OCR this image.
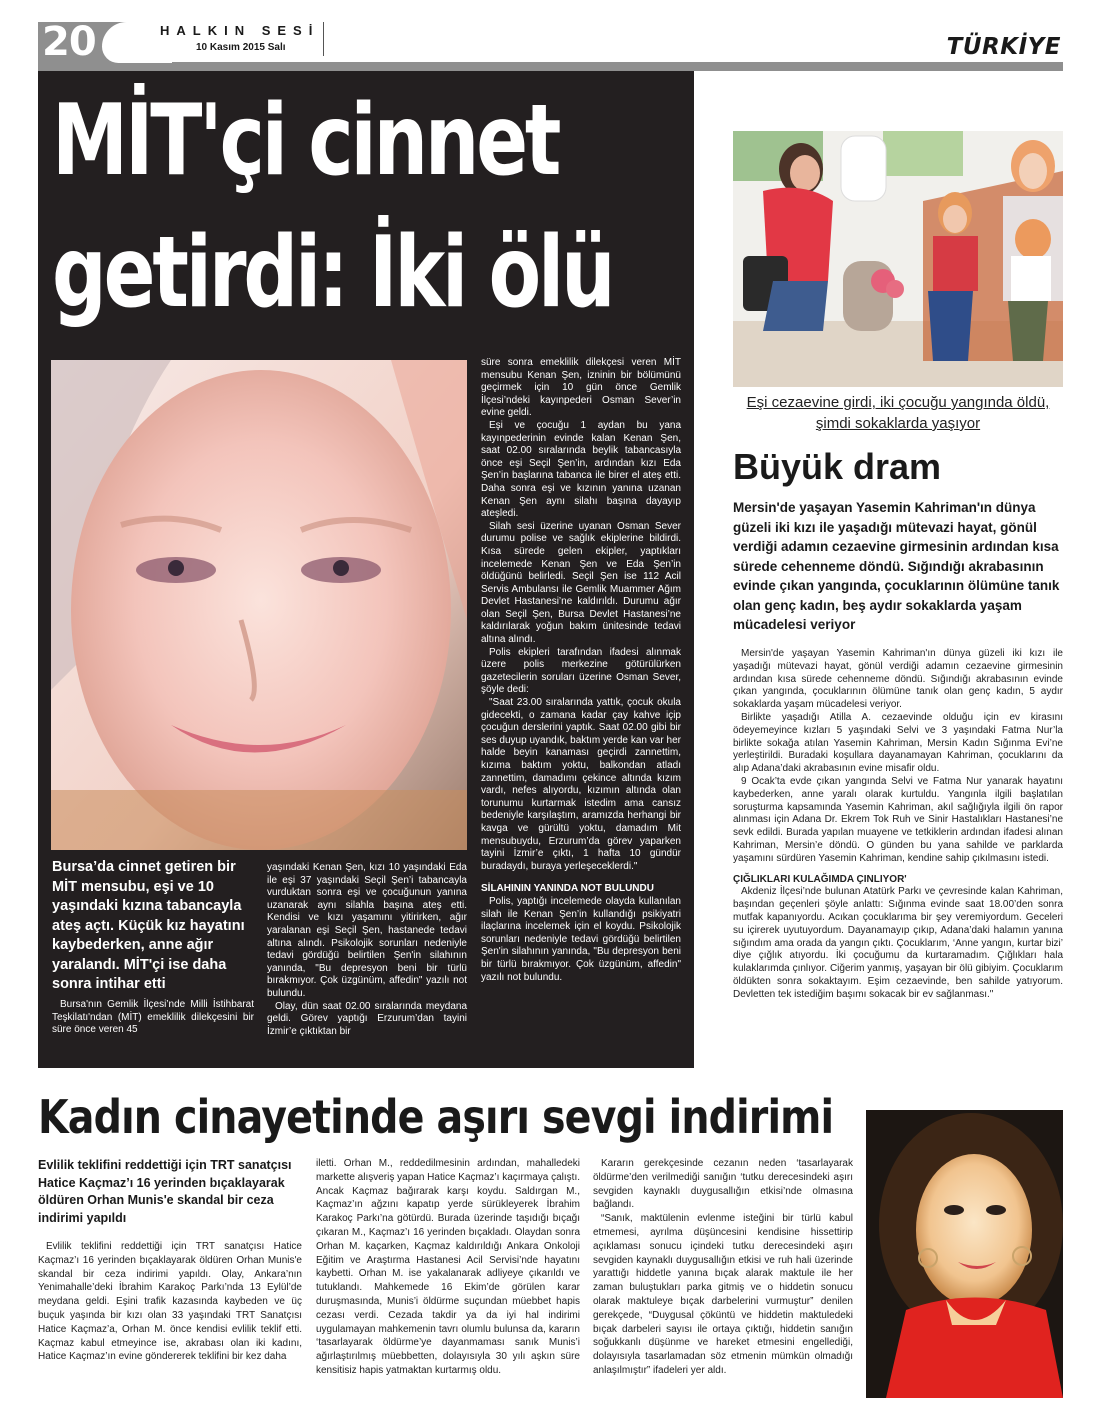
20	HALKIN SESİ
10 Kasım 2015 Salı	TÜRKİYE
MİT'çi cinnet
getirdi: İki ölü
Bursa’da cinnet getiren bir MİT mensubu, eşi ve 10 yaşındaki kızına tabancayla ateş açtı. Küçük kız hayatını kaybederken, anne ağır yaralandı. MİT'çi ise daha sonra intihar etti

Bursa'nın Gemlik İlçesi’nde Milli İstihbarat Teşkilatı'ndan (MİT) emeklilik dilekçesini bir süre önce veren 45

yaşındaki Kenan Şen, kızı 10 yaşındaki Eda ile eşi 37 yaşındaki Seçil Şen’i tabancayla vurduktan sonra eşi ve çocuğunun yanına uzanarak aynı silahla başına ateş etti. Kendisi ve kızı yaşamını yitirirken, ağır yaralanan eşi Seçil Şen, hastanede tedavi altına alındı. Psikolojik sorunları nedeniyle tedavi gördüğü belirtilen Şen'in silahının yanında, "Bu depresyon beni bir türlü bırakmıyor. Çok üzgünüm, affedin" yazılı not bulundu.

Olay, dün saat 02.00 sıralarında meydana geldi. Görev yaptığı Erzurum’dan tayini İzmir’e çıktıktan bir

süre sonra emeklilik dilekçesi veren MİT mensubu Kenan Şen, izninin bir bölümünü geçirmek için 10 gün önce Gemlik İlçesi’ndeki kayınpederi Osman Sever’in evine geldi.

Eşi ve çocuğu 1 aydan bu yana kayınpederinin evinde kalan Kenan Şen, saat 02.00 sıralarında beylik tabancasıyla önce eşi Seçil Şen’in, ardından kızı Eda Şen’in başlarına tabanca ile birer el ateş etti. Daha sonra eşi ve kızının yanına uzanan Kenan Şen aynı silahı başına dayayıp ateşledi.

Silah sesi üzerine uyanan Osman Sever durumu polise ve sağlık ekiplerine bildirdi. Kısa sürede gelen ekipler, yaptıkları incelemede Kenan Şen ve Eda Şen’in öldüğünü belirledi. Seçil Şen ise 112 Acil Servis Ambulansı ile Gemlik Muammer Ağım Devlet Hastanesi’ne kaldırıldı. Durumu ağır olan Seçil Şen, Bursa Devlet Hastanesi’ne kaldırılarak yoğun bakım ünitesinde tedavi altına alındı.

Polis ekipleri tarafından ifadesi alınmak üzere polis merkezine götürülürken gazetecilerin soruları üzerine Osman Sever, şöyle dedi:

"Saat 23.00 sıralarında yattık, çocuk okula gidecekti, o zamana kadar çay kahve içip çocuğun derslerini yaptık. Saat 02.00 gibi bir ses duyup uyandık, baktım yerde kan var her halde beyin kanaması geçirdi zannettim, kızıma baktım yoktu, balkondan atladı zannettim, damadımı çekince altında kızım vardı, nefes alıyordu, kızımın altında olan torunumu kurtarmak istedim ama cansız bedeniyle karşılaştım, aramızda herhangi bir kavga ve gürültü yoktu, damadım Mit mensubuydu, Erzurum’da görev yaparken tayini İzmir’e çıktı, 1 hafta 10 gündür buradaydı, buraya yerleşeceklerdi."

SİLAHININ YANINDA NOT BULUNDU

Polis, yaptığı incelemede olayda kullanılan silah ile Kenan Şen’in kullandığı psikiyatri ilaçlarına incelemek için el koydu. Psikolojik sorunları nedeniyle tedavi gördüğü belirtilen Şen'in silahının yanında, "Bu depresyon beni bir türlü bırakmıyor. Çok üzgünüm, affedin" yazılı not bulundu.

Eşi cezaevine girdi, iki çocuğu yangında öldü, şimdi sokaklarda yaşıyor
Büyük dram
Mersin'de yaşayan Yasemin Kahriman'ın dünya güzeli iki kızı ile yaşadığı mütevazi hayat, gönül verdiği adamın cezaevine girmesinin ardından kısa sürede cehenneme döndü. Sığındığı akrabasının evinde çıkan yangında, çocuklarının ölümüne tanık olan genç kadın, beş aydır sokaklarda yaşam mücadelesi veriyor

Mersin'de yaşayan Yasemin Kahriman'ın dünya güzeli iki kızı ile yaşadığı mütevazi hayat, gönül verdiği adamın cezaevine girmesinin ardından kısa sürede cehenneme döndü. Sığındığı akrabasının evinde çıkan yangında, çocuklarının ölümüne tanık olan genç kadın, 5 aydır sokaklarda yaşam mücadelesi veriyor.

Birlikte yaşadığı Atilla A. cezaevinde olduğu için ev kirasını ödeyemeyince kızları 5 yaşındaki Selvi ve 3 yaşındaki Fatma Nur’la birlikte sokağa atılan Yasemin Kahriman, Mersin Kadın Sığınma Evi’ne yerleştirildi. Buradaki koşullara dayanamayan Kahriman, çocuklarını da alıp Adana’daki akrabasının evine misafir oldu.

9 Ocak’ta evde çıkan yangında Selvi ve Fatma Nur yanarak hayatını kaybederken, anne yaralı olarak kurtuldu. Yangınla ilgili başlatılan soruşturma kapsamında Yasemin Kahriman, akıl sağlığıyla ilgili ön rapor alınması için Adana Dr. Ekrem Tok Ruh ve Sinir Hastalıkları Hastanesi’ne sevk edildi. Burada yapılan muayene ve tetkiklerin ardından ifadesi alınan Kahriman, Mersin’e döndü. O günden bu yana sahilde ve parklarda yaşamını sürdüren Yasemin Kahriman, kendine sahip çıkılmasını istedi.

ÇIĞLIKLARI KULAĞIMDA ÇINLIYOR'

Akdeniz İlçesi’nde bulunan Atatürk Parkı ve çevresinde kalan Kahriman, başından geçenleri şöyle anlattı: Sığınma evinde saat 18.00’den sonra mutfak kapanıyordu. Acıkan çocuklarıma bir şey veremiyordum. Geceleri su içirerek uyutuyordum. Dayanamayıp çıkıp, Adana’daki halamın yanına sığındım ama orada da yangın çıktı. Çocuklarım, ‘Anne yangın, kurtar bizi’ diye çığlık atıyordu. İki çocuğumu da kurtaramadım. Çığlıkları hala kulaklarımda çınlıyor. Ciğerim yanmış, yaşayan bir ölü gibiyim. Çocuklarım öldükten sonra sokaktayım. Eşim cezaevinde, ben sahilde yatıyorum. Devletten tek istediğim başımı sokacak bir ev sağlanması."

Kadın cinayetinde aşırı sevgi indirimi
Evlilik teklifini reddettiği için TRT sanatçısı Hatice Kaçmaz’ı 16 yerinden bıçaklayarak öldüren Orhan Munis'e skandal bir ceza indirimi yapıldı

Evlilik teklifini reddettiği için TRT sanatçısı Hatice Kaçmaz’ı 16 yerinden bıçaklayarak öldüren Orhan Munis'e skandal bir ceza indirimi yapıldı. Olay, Ankara’nın Yenimahalle’deki İbrahim Karakoç Parkı’nda 13 Eylül’de meydana geldi. Eşini trafik kazasında kaybeden ve üç buçuk yaşında bir kızı olan 33 yaşındaki TRT Sanatçısı Hatice Kaçmaz’a, Orhan M. önce kendisi evlilik teklif etti. Kaçmaz kabul etmeyince ise, akrabası olan iki kadını, Hatice Kaçmaz’ın evine göndererek teklifini bir kez daha

iletti. Orhan M., reddedilmesinin ardından, mahalledeki markette alışveriş yapan Hatice Kaçmaz’ı kaçırmaya çalıştı. Ancak Kaçmaz bağırarak karşı koydu. Saldırgan M., Kaçmaz’ın ağzını kapatıp yerde sürükleyerek İbrahim Karakoç Parkı’na götürdü. Burada üzerinde taşıdığı bıçağı çıkaran M., Kaçmaz’ı 16 yerinden bıçakladı. Olaydan sonra Orhan M. kaçarken, Kaçmaz kaldırıldığı Ankara Onkoloji Eğitim ve Araştırma Hastanesi Acil Servisi’nde hayatını kaybetti. Orhan M. ise yakalanarak adliyeye çıkarıldı ve tutuklandı. Mahkemede 16 Ekim’de görülen karar duruşmasında, Munis’i öldürme suçundan müebbet hapis cezası verdi. Cezada takdir ya da iyi hal indirimi uygulamayan mahkemenin tavrı olumlu bulunsa da, kararın ‘tasarlayarak öldürme’ye dayanmaması sanık Munis’i ağırlaştırılmış müebbetten, dolayısıyla 30 yılı aşkın süre kensitisiz hapis yatmaktan kurtarmış oldu.

Kararın gerekçesinde cezanın neden ‘tasarlayarak öldürme’den verilmediği sanığın ‘tutku derecesindeki aşırı sevgiden kaynaklı duygusallığın etkisi’nde olmasına bağlandı.

“Sanık, maktülenin evlenme isteğini bir türlü kabul etmemesi, ayrılma düşüncesini kendisine hissettirip açıklaması sonucu içindeki tutku derecesindeki aşırı sevgiden kaynaklı duygusallığın etkisi ve ruh hali üzerinde yarattığı hiddetle yanına bıçak alarak maktule ile her zaman buluştukları parka gitmiş ve o hiddetin sonucu olarak maktuleye bıçak darbelerini vurmuştur” denilen gerekçede, “Duygusal çöküntü ve hiddetin maktuledeki bıçak darbeleri sayısı ile ortaya çıktığı, hiddetin sanığın soğukkanlı düşünme ve hareket etmesini engellediği, dolayısıyla tasarlamadan söz etmenin mümkün olmadığı anlaşılmıştır” ifadeleri yer aldı.
